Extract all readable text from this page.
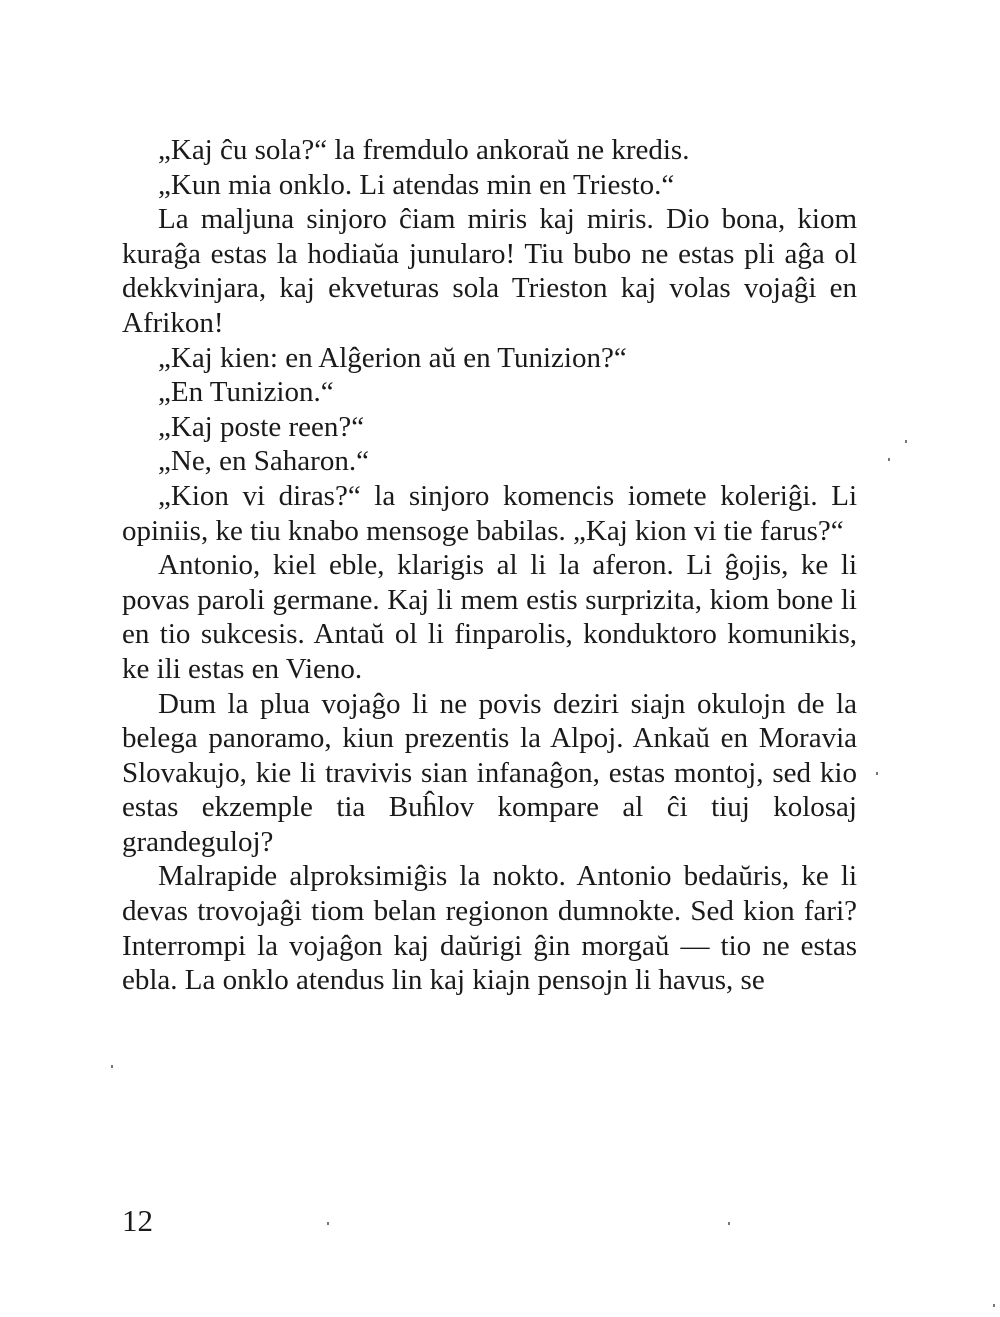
„Kaj ĉu sola?“ la fremdulo ankoraŭ ne kredis.

„Kun mia onklo. Li atendas min en Triesto.“

La maljuna sinjoro ĉiam miris kaj miris. Dio bona, kiom kuraĝa estas la hodiaŭa junularo! Tiu bubo ne estas pli aĝa ol dekkvinjara, kaj ekveturas sola Trieston kaj volas vojaĝi en Afrikon!

„Kaj kien: en Alĝerion aŭ en Tunizion?“

„En Tunizion.“

„Kaj poste reen?“

„Ne, en Saharon.“

„Kion vi diras?“ la sinjoro komencis iomete koleriĝi. Li opiniis, ke tiu knabo mensoge babilas. „Kaj kion vi tie farus?“

Antonio, kiel eble, klarigis al li la aferon. Li ĝojis, ke li povas paroli germane. Kaj li mem estis surprizita, kiom bone li en tio sukcesis. Antaŭ ol li finparolis, konduktoro komunikis, ke ili estas en Vieno.

Dum la plua vojaĝo li ne povis deziri siajn okulojn de la belega panoramo, kiun prezentis la Alpoj. Ankaŭ en Moravia Slovakujo, kie li travivis sian infanaĝon, estas montoj, sed kio estas ekzemple tia Buĥlov kompare al ĉi tiuj kolosaj grandeguloj?

Malrapide alproksimiĝis la nokto. Antonio bedaŭris, ke li devas trovojaĝi tiom belan regionon dumnokte. Sed kion fari? Interrompi la vojaĝon kaj daŭrigi ĝin morgaŭ — tio ne estas ebla. La onklo atendus lin kaj kiajn pensojn li havus, se

12
